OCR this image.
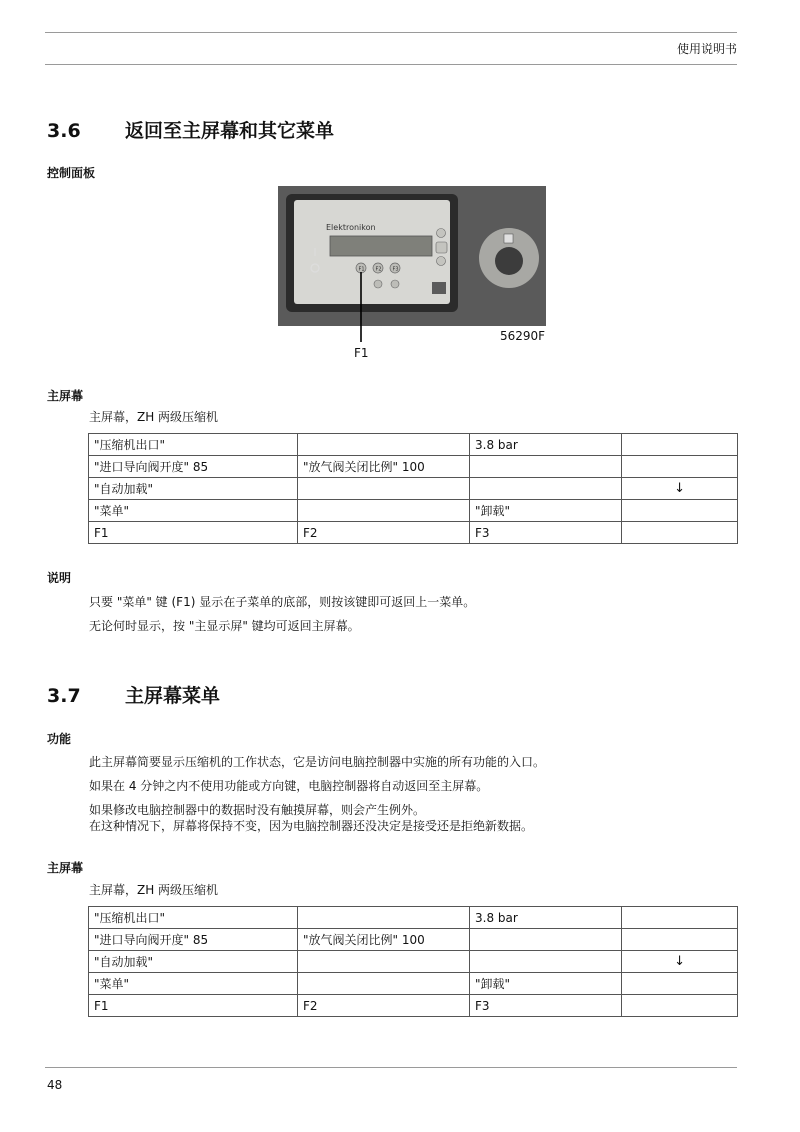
使用说明书
3.6 返回至主屏幕和其它菜单
控制面板
Elektronikon
F1 F2 F3
56290F
F1
主屏幕
主屏幕，ZH 两级压缩机
"压缩机出口"		3.8 bar	
"进口导向阀开度" 85	"放气阀关闭比例" 100		
"自动加载"			↓
"菜单"		"卸载"	
F1	F2	F3	
说明
只要 "菜单" 键 (F1) 显示在子菜单的底部，则按该键即可返回上一菜单。
无论何时显示，按 "主显示屏" 键均可返回主屏幕。
3.7 主屏幕菜单
功能
此主屏幕简要显示压缩机的工作状态，它是访问电脑控制器中实施的所有功能的入口。
如果在 4 分钟之内不使用功能或方向键，电脑控制器将自动返回至主屏幕。
如果修改电脑控制器中的数据时没有触摸屏幕，则会产生例外。
在这种情况下，屏幕将保持不变，因为电脑控制器还没决定是接受还是拒绝新数据。
主屏幕
主屏幕，ZH 两级压缩机
"压缩机出口"		3.8 bar	
"进口导向阀开度" 85	"放气阀关闭比例" 100		
"自动加载"			↓
"菜单"		"卸载"	
F1	F2	F3	
48
